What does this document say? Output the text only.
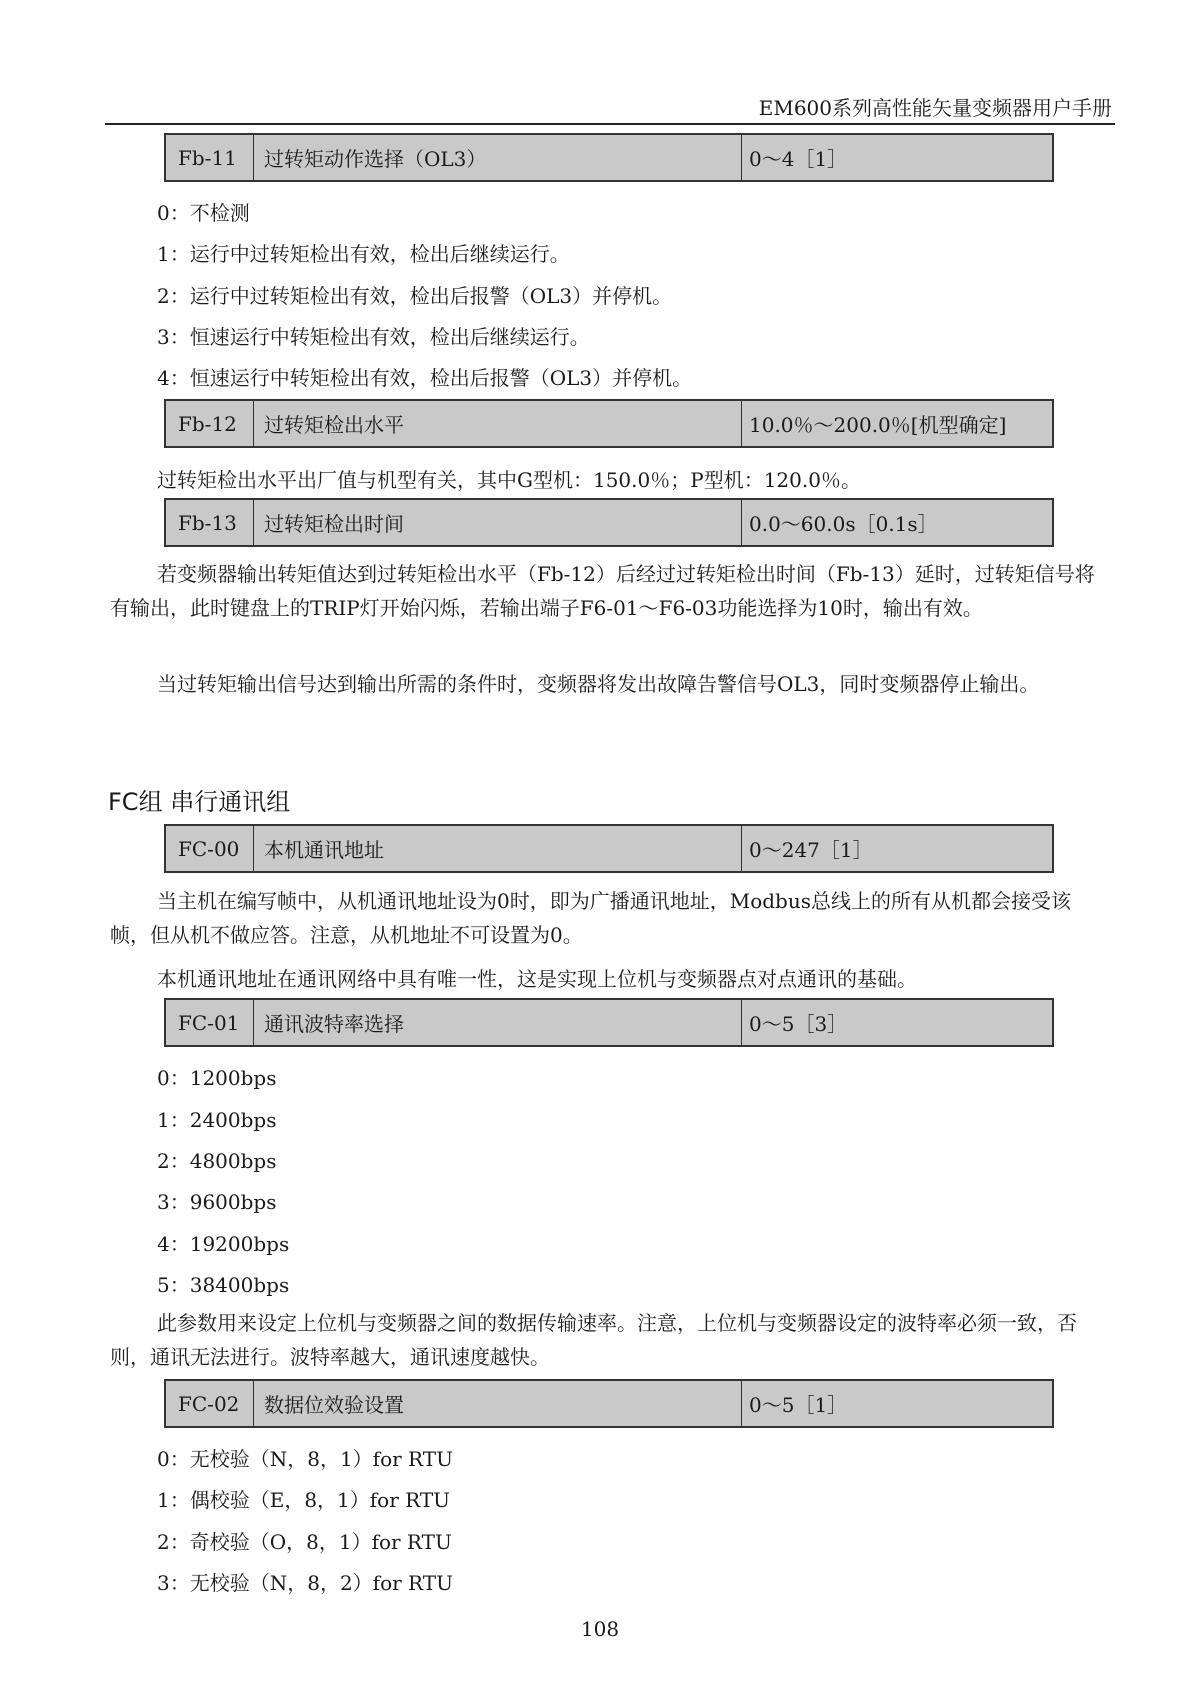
EM600系列高性能矢量变频器用户手册
Fb-11	过转矩动作选择（OL3）	0～4［1］
0：不检测
1：运行中过转矩检出有效，检出后继续运行。
2：运行中过转矩检出有效，检出后报警（OL3）并停机。
3：恒速运行中转矩检出有效，检出后继续运行。
4：恒速运行中转矩检出有效，检出后报警（OL3）并停机。
Fb-12	过转矩检出水平	10.0％～200.0％[机型确定]
过转矩检出水平出厂值与机型有关，其中G型机：150.0％；P型机：120.0％。
Fb-13	过转矩检出时间	0.0～60.0s［0.1s］
若变频器输出转矩值达到过转矩检出水平（Fb-12）后经过过转矩检出时间（Fb-13）延时，过转矩信号将有输出，此时键盘上的TRIP灯开始闪烁，若输出端子F6-01～F6-03功能选择为10时，输出有效。
当过转矩输出信号达到输出所需的条件时，变频器将发出故障告警信号OL3，同时变频器停止输出。
FC组 串行通讯组
FC-00	本机通讯地址	0～247［1］
当主机在编写帧中，从机通讯地址设为0时，即为广播通讯地址，Modbus总线上的所有从机都会接受该帧，但从机不做应答。注意，从机地址不可设置为0。
本机通讯地址在通讯网络中具有唯一性，这是实现上位机与变频器点对点通讯的基础。
FC-01	通讯波特率选择	0～5［3］
0：1200bps
1：2400bps
2：4800bps
3：9600bps
4：19200bps
5：38400bps
此参数用来设定上位机与变频器之间的数据传输速率。注意，上位机与变频器设定的波特率必须一致，否则，通讯无法进行。波特率越大，通讯速度越快。
FC-02	数据位效验设置	0～5［1］
0：无校验（N，8，1）for RTU
1：偶校验（E，8，1）for RTU
2：奇校验（O，8，1）for RTU
3：无校验（N，8，2）for RTU
108
